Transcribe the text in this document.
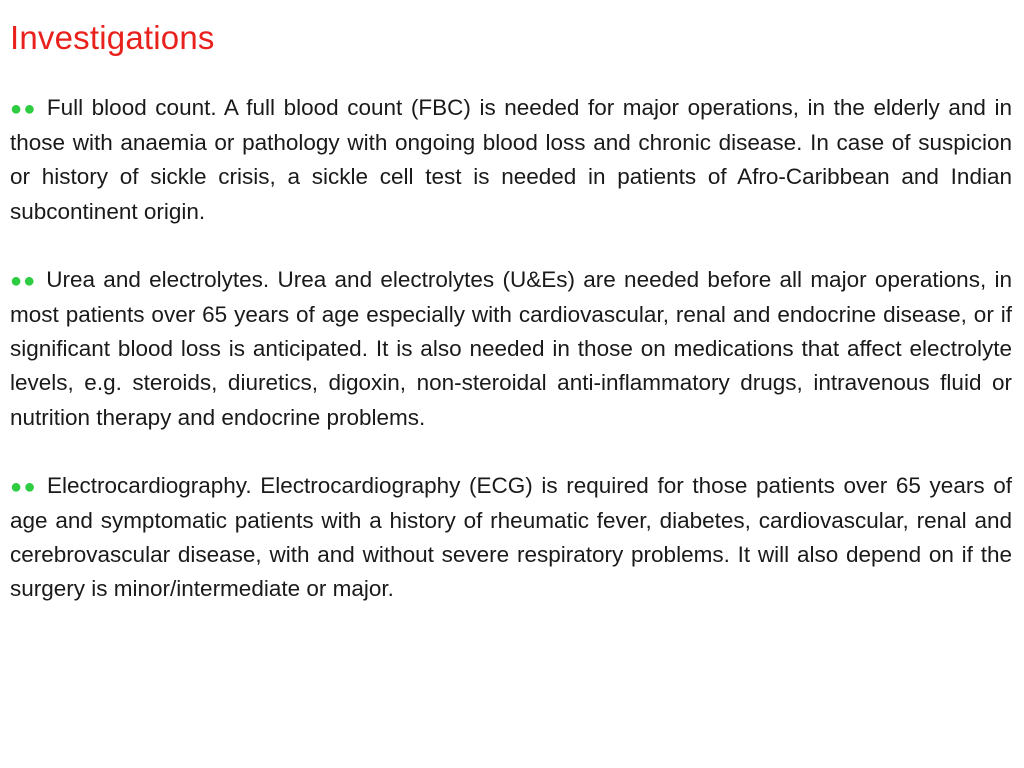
Investigations

●● Full blood count. A full blood count (FBC) is needed for major operations, in the elderly and in those with anaemia or pathology with ongoing blood loss and chronic disease. In case of suspicion or history of sickle crisis, a sickle cell test is needed in patients of Afro-Caribbean and Indian subcontinent origin.

●● Urea and electrolytes. Urea and electrolytes (U&Es) are needed before all major operations, in most patients over 65 years of age especially with cardiovascular, renal and endocrine disease, or if significant blood loss is anticipated. It is also needed in those on medications that affect electrolyte levels, e.g. steroids, diuretics, digoxin, non-steroidal anti-inflammatory drugs, intravenous fluid or nutrition therapy and endocrine problems.

●● Electrocardiography. Electrocardiography (ECG) is required for those patients over 65 years of age and symptomatic patients with a history of rheumatic fever, diabetes, cardiovascular, renal and cerebrovascular disease, with and without severe respiratory problems. It will also depend on if the surgery is minor/intermediate or major.
